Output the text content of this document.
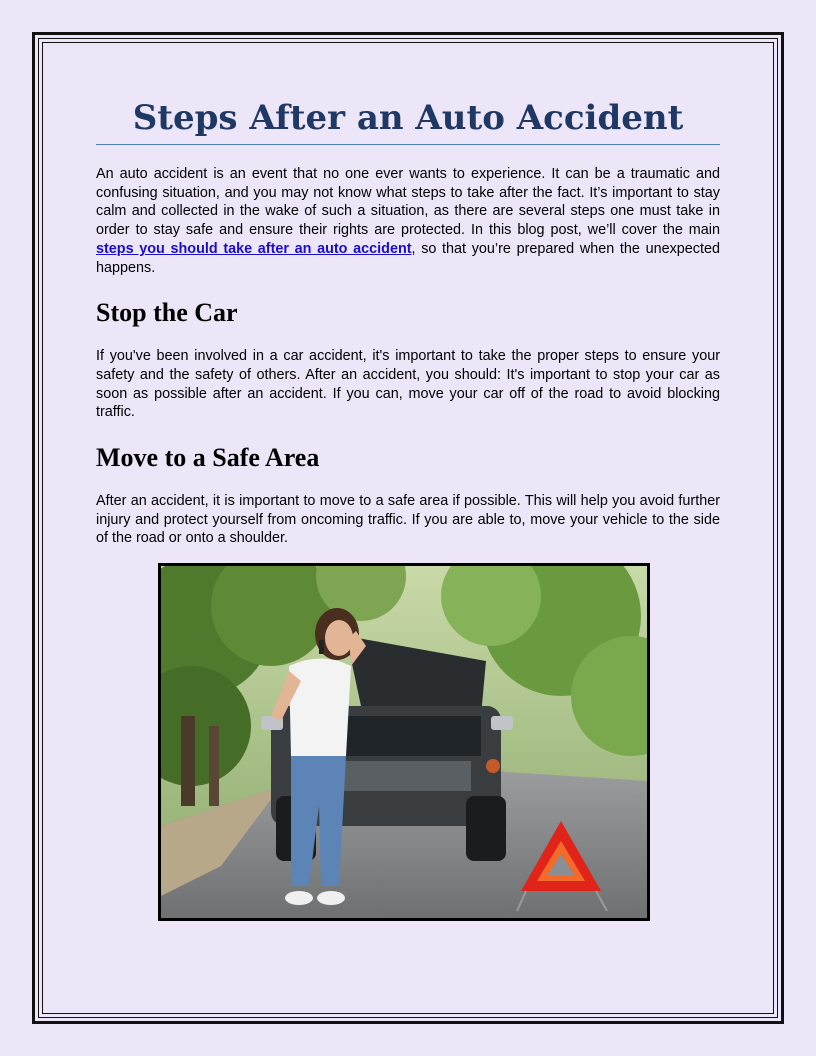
Steps After an Auto Accident

An auto accident is an event that no one ever wants to experience. It can be a traumatic and confusing situation, and you may not know what steps to take after the fact. It’s important to stay calm and collected in the wake of such a situation, as there are several steps one must take in order to stay safe and ensure their rights are protected. In this blog post, we’ll cover the main steps you should take after an auto accident, so that you’re prepared when the unexpected happens.

Stop the Car

If you've been involved in a car accident, it's important to take the proper steps to ensure your safety and the safety of others. After an accident, you should: It's important to stop your car as soon as possible after an accident. If you can, move your car off of the road to avoid blocking traffic.

Move to a Safe Area

After an accident, it is important to move to a safe area if possible. This will help you avoid further injury and protect yourself from oncoming traffic. If you are able to, move your vehicle to the side of the road or onto a shoulder.
